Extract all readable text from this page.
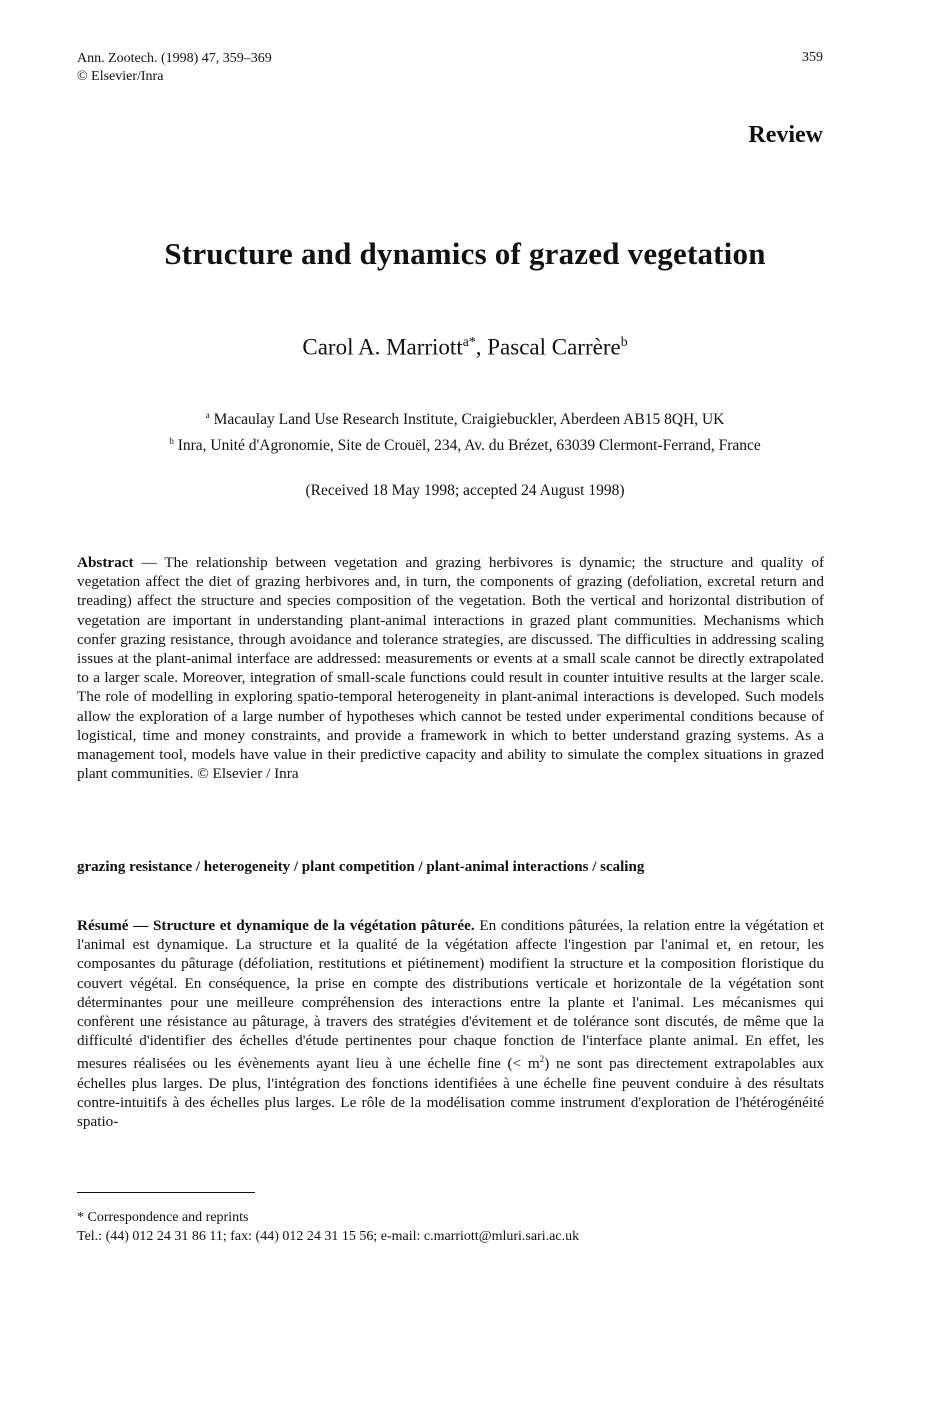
Ann. Zootech. (1998) 47, 359–369
© Elsevier/Inra
359
Review
Structure and dynamics of grazed vegetation
Carol A. Marriott$^{a*}$, Pascal Carrère$^b$
$^a$ Macaulay Land Use Research Institute, Craigiebuckler, Aberdeen AB15 8QH, UK
$^b$ Inra, Unité d'Agronomie, Site de Crouël, 234, Av. du Brézet, 63039 Clermont-Ferrand, France
(Received 18 May 1998; accepted 24 August 1998)
Abstract — The relationship between vegetation and grazing herbivores is dynamic; the structure and quality of vegetation affect the diet of grazing herbivores and, in turn, the components of grazing (defoliation, excretal return and treading) affect the structure and species composition of the vegetation. Both the vertical and horizontal distribution of vegetation are important in understanding plant-animal interactions in grazed plant communities. Mechanisms which confer grazing resistance, through avoidance and tolerance strategies, are discussed. The difficulties in addressing scaling issues at the plant-animal interface are addressed: measurements or events at a small scale cannot be directly extrapolated to a larger scale. Moreover, integration of small-scale functions could result in counter intuitive results at the larger scale. The role of modelling in exploring spatio-temporal heterogeneity in plant-animal interactions is developed. Such models allow the exploration of a large number of hypotheses which cannot be tested under experimental conditions because of logistical, time and money constraints, and provide a framework in which to better understand grazing systems. As a management tool, models have value in their predictive capacity and ability to simulate the complex situations in grazed plant communities. © Elsevier / Inra
grazing resistance / heterogeneity / plant competition / plant-animal interactions / scaling
Résumé — Structure et dynamique de la végétation pâturée. En conditions pâturées, la relation entre la végétation et l'animal est dynamique. La structure et la qualité de la végétation affecte l'ingestion par l'animal et, en retour, les composantes du pâturage (défoliation, restitutions et piétinement) modifient la structure et la composition floristique du couvert végétal. En conséquence, la prise en compte des distributions verticale et horizontale de la végétation sont déterminantes pour une meilleure compréhension des interactions entre la plante et l'animal. Les mécanismes qui confèrent une résistance au pâturage, à travers des stratégies d'évitement et de tolérance sont discutés, de même que la difficulté d'identifier des échelles d'étude pertinentes pour chaque fonction de l'interface plante animal. En effet, les mesures réalisées ou les évènements ayant lieu à une échelle fine (< $m^2$) ne sont pas directement extrapolables aux échelles plus larges. De plus, l'intégration des fonctions identifiées à une échelle fine peuvent conduire à des résultats contre-intuitifs à des échelles plus larges. Le rôle de la modélisation comme instrument d'exploration de l'hétérogénéité spatio-
* Correspondence and reprints
Tel.: (44) 012 24 31 86 11; fax: (44) 012 24 31 15 56; e-mail: c.marriott@mluri.sari.ac.uk
